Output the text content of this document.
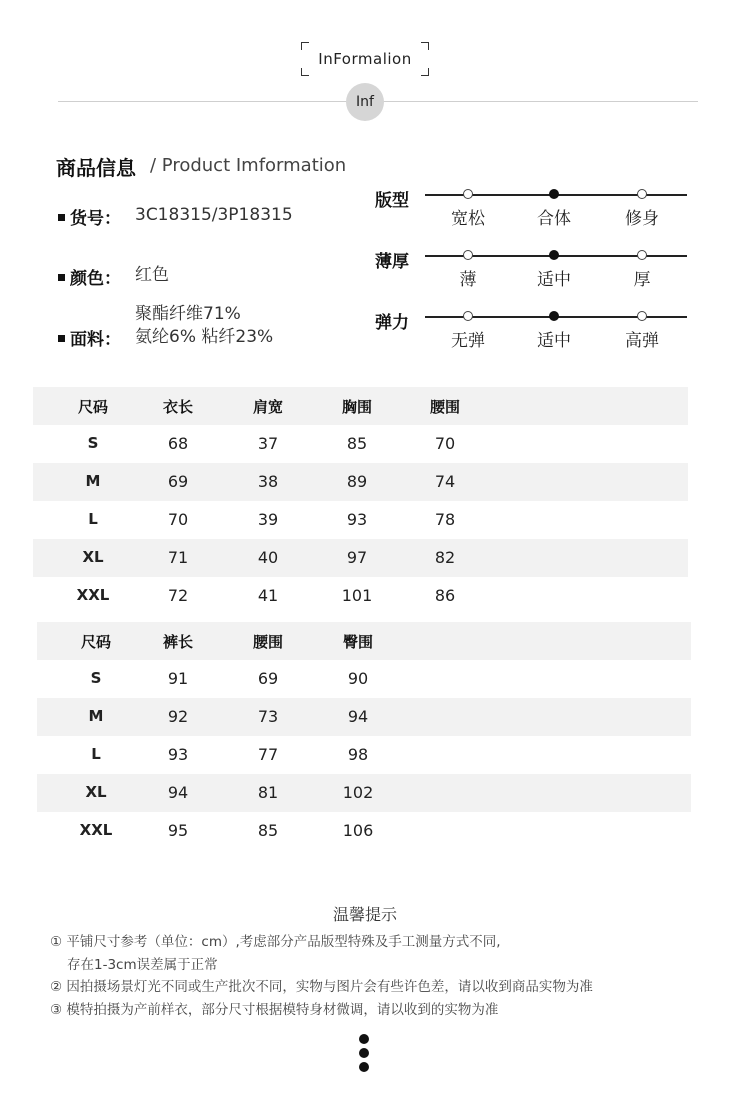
InFormalion
Inf
商品信息 / Product Imformation
货号： 3C18315/3P18315
颜色： 红色
面料：
聚酯纤维71%
氨纶6% 粘纤23%
版型
宽松	合体	修身
薄厚
薄	适中	厚
弹力
无弹	适中	高弹
尺码	衣长	肩宽	胸围	腰围
S	68	37	85	70
M	69	38	89	74
L	70	39	93	78
XL	71	40	97	82
XXL	72	41	101	86
尺码	裤长	腰围	臀围
S	91	69	90
M	92	73	94
L	93	77	98
XL	94	81	102
XXL	95	85	106
温馨提示
① 平铺尺寸参考（单位：cm）,考虑部分产品版型特殊及手工测量方式不同,
存在1-3cm误差属于正常
② 因拍摄场景灯光不同或生产批次不同，实物与图片会有些许色差，请以收到商品实物为准
③ 模特拍摄为产前样衣，部分尺寸根据模特身材微调，请以收到的实物为准
